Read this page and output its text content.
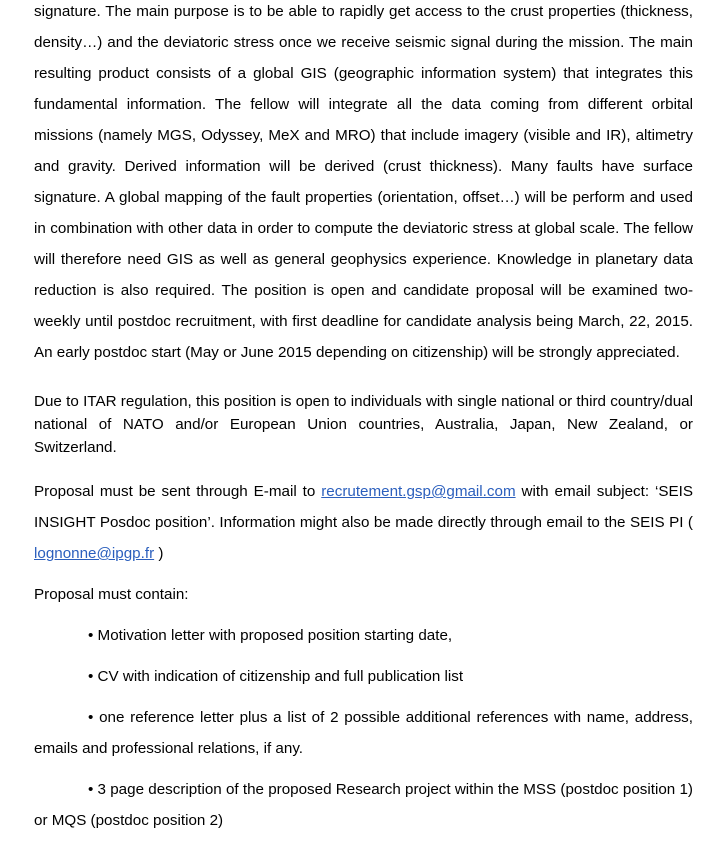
signature. The main purpose is to be able to rapidly get access to the crust properties (thickness, density…) and the deviatoric stress once we receive seismic signal during the mission. The main resulting product consists of a global GIS (geographic information system) that integrates this fundamental information. The fellow will integrate all the data coming from different orbital missions (namely MGS, Odyssey, MeX and MRO) that include imagery (visible and IR), altimetry and gravity. Derived information will be derived (crust thickness). Many faults have surface signature. A global mapping of the fault properties (orientation, offset…) will be perform and used in combination with other data in order to compute the deviatoric stress at global scale. The fellow will therefore need GIS as well as general geophysics experience. Knowledge in planetary data reduction is also required. The position is open and candidate proposal will be examined two-weekly until postdoc recruitment, with first deadline for candidate analysis being March, 22, 2015. An early postdoc start (May or June 2015 depending on citizenship) will be strongly appreciated.

Due to ITAR regulation, this position is open to individuals with single national or third country/dual national of NATO and/or European Union countries, Australia, Japan, New Zealand, or Switzerland.

Proposal must be sent through E-mail to recrutement.gsp@gmail.com with email subject: ‘SEIS INSIGHT Posdoc position’. Information might also be made directly through email to the SEIS PI ( lognonne@ipgp.fr )

Proposal must contain:

• Motivation letter with proposed position starting date,

• CV with indication of citizenship and full publication list

• one reference letter plus a list of 2 possible additional references with name, address, emails and professional relations, if any.

• 3 page description of the proposed Research project within the MSS (postdoc position 1) or MQS (postdoc position 2)
